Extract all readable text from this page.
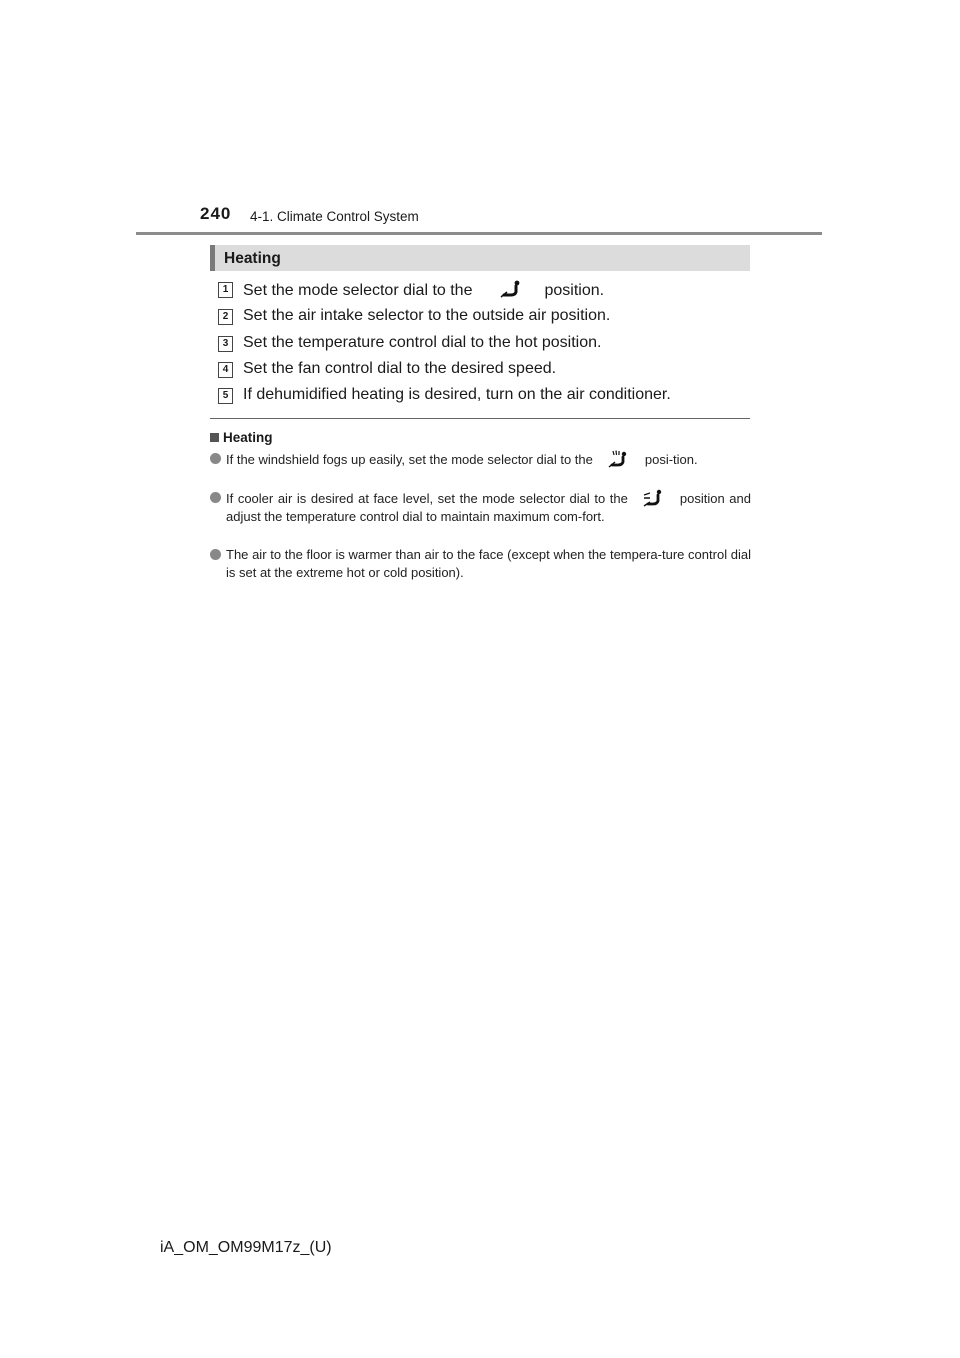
240 4-1. Climate Control System
Heating
1 Set the mode selector dial to the	position.
2 Set the air intake selector to the outside air position.
3 Set the temperature control dial to the hot position.
4 Set the fan control dial to the desired speed.
5 If dehumidified heating is desired, turn on the air conditioner.
Heating
If the windshield fogs up easily, set the mode selector dial to the	posi-tion.
If cooler air is desired at face level, set the mode selector dial to the	position and adjust the temperature control dial to maintain maximum com-fort.
The air to the floor is warmer than air to the face (except when the tempera-ture control dial is set at the extreme hot or cold position).
iA_OM_OM99M17z_(U)
